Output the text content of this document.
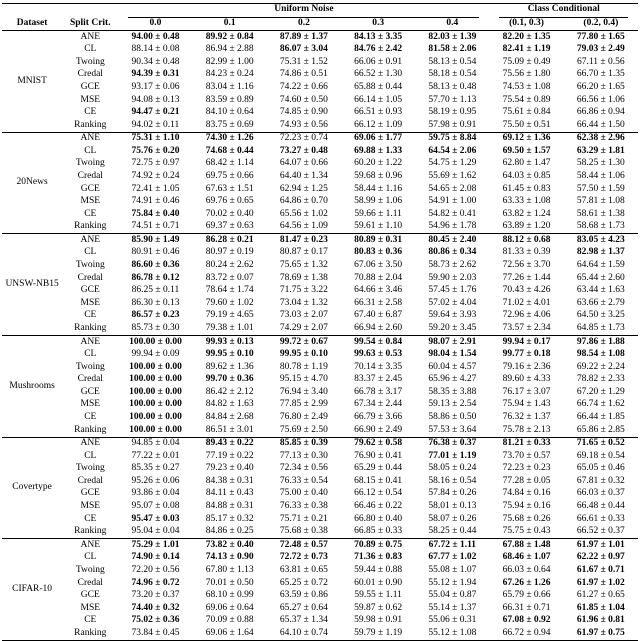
Dataset	Split Crit.	Uniform Noise					Class Conditional	

		0.0	0.1	0.2	0.3	0.4	(0.1, 0.3)	(0.2, 0.4)
MNIST	ANE	94.00 ± 0.48	89.92 ± 0.84	87.89 ± 1.37	84.13 ± 3.35	82.03 ± 1.39	82.20 ± 1.35	77.80 ± 1.65
	CL	88.14 ± 0.08	86.94 ± 2.88	86.07 ± 3.04	84.76 ± 2.42	81.58 ± 2.06	82.41 ± 1.19	79.03 ± 2.49
	Twoing	90.34 ± 0.48	82.99 ± 1.00	75.31 ± 1.52	66.06 ± 0.91	58.13 ± 0.54	75.09 ± 0.49	67.11 ± 0.56
	Credal	94.39 ± 0.31	84.23 ± 0.24	74.86 ± 0.51	66.52 ± 1.30	58.18 ± 0.54	75.56 ± 1.80	66.70 ± 1.35
	GCE	93.17 ± 0.06	83.04 ± 1.16	74.22 ± 0.66	65.88 ± 0.44	58.13 ± 0.48	74.53 ± 1.08	66.20 ± 1.65
	MSE	94.08 ± 0.13	83.59 ± 0.89	74.60 ± 0.50	66.14 ± 1.05	57.70 ± 1.13	75.54 ± 0.89	66.56 ± 1.06
	CE	94.47 ± 0.21	84.10 ± 0.64	74.85 ± 0.90	66.51 ± 0.93	58.19 ± 0.95	75.61 ± 0.84	66.86 ± 0.94
	Ranking	94.02 ± 0.11	83.75 ± 0.69	74.93 ± 0.56	66.12 ± 1.09	57.98 ± 0.91	75.50 ± 0.51	66.44 ± 1.50
20News	ANE	75.31 ± 1.10	74.30 ± 1.26	72.23 ± 0.74	69.06 ± 1.77	59.75 ± 8.84	69.12 ± 1.36	62.38 ± 2.96
	CL	75.76 ± 0.20	74.68 ± 0.44	73.27 ± 0.48	69.88 ± 1.33	64.54 ± 2.06	69.50 ± 1.57	63.29 ± 1.81
	Twoing	72.75 ± 0.97	68.42 ± 1.14	64.07 ± 0.66	60.20 ± 1.22	54.75 ± 1.29	62.80 ± 1.47	58.25 ± 1.30
	Credal	74.92 ± 0.24	69.75 ± 0.66	64.40 ± 1.34	59.68 ± 0.96	55.69 ± 1.62	64.03 ± 0.85	58.44 ± 1.06
	GCE	72.41 ± 1.05	67.63 ± 1.51	62.94 ± 1.25	58.44 ± 1.16	54.65 ± 2.08	61.45 ± 0.83	57.50 ± 1.59
	MSE	74.91 ± 0.46	69.76 ± 0.65	64.86 ± 0.70	58.99 ± 1.06	54.91 ± 1.00	63.33 ± 1.08	57.81 ± 1.08
	CE	75.84 ± 0.40	70.02 ± 0.40	65.56 ± 1.02	59.66 ± 1.11	54.82 ± 0.41	63.82 ± 1.24	58.61 ± 1.38
	Ranking	74.51 ± 0.71	69.37 ± 0.63	64.56 ± 1.09	59.61 ± 1.10	54.96 ± 1.78	63.89 ± 1.20	58.68 ± 1.73
UNSW-NB15	ANE	85.90 ± 1.49	86.28 ± 0.21	81.47 ± 0.23	80.89 ± 0.31	80.45 ± 2.40	88.12 ± 0.68	83.05 ± 4.23
	CL	80.91 ± 0.46	80.97 ± 0.19	80.87 ± 0.17	80.83 ± 0.36	80.86 ± 0.34	81.33 ± 0.39	82.98 ± 1.37
	Twoing	86.60 ± 0.36	80.24 ± 2.62	75.65 ± 1.32	67.06 ± 3.50	58.73 ± 2.62	72.56 ± 3.70	64.64 ± 1.59
	Credal	86.78 ± 0.12	83.72 ± 0.07	78.69 ± 1.38	70.88 ± 2.04	59.90 ± 2.03	77.26 ± 1.44	65.44 ± 2.60
	GCE	86.25 ± 0.11	78.64 ± 1.74	71.75 ± 3.22	64.66 ± 3.46	57.45 ± 1.76	70.43 ± 4.26	63.44 ± 1.63
	MSE	86.30 ± 0.13	79.60 ± 1.02	73.04 ± 1.32	66.31 ± 2.58	57.02 ± 4.04	71.02 ± 4.01	63.66 ± 2.79
	CE	86.57 ± 0.23	79.19 ± 4.65	73.03 ± 2.07	67.40 ± 6.87	59.64 ± 3.93	72.96 ± 4.06	64.50 ± 3.25
	Ranking	85.73 ± 0.30	79.38 ± 1.01	74.29 ± 2.07	66.94 ± 2.60	59.20 ± 3.45	73.57 ± 2.34	64.85 ± 1.73
Mushrooms	ANE	100.00 ± 0.00	99.93 ± 0.13	99.72 ± 0.67	99.54 ± 0.84	98.07 ± 2.91	99.94 ± 0.17	97.86 ± 1.88
	CL	99.94 ± 0.09	99.95 ± 0.10	99.95 ± 0.10	99.63 ± 0.53	98.04 ± 1.54	99.77 ± 0.18	98.54 ± 1.08
	Twoing	100.00 ± 0.00	89.62 ± 1.36	80.78 ± 1.19	70.14 ± 3.35	60.04 ± 4.57	79.16 ± 2.36	69.22 ± 2.24
	Credal	100.00 ± 0.00	99.70 ± 0.36	95.15 ± 4.70	83.37 ± 2.45	65.96 ± 4.27	89.60 ± 4.33	78.82 ± 2.33
	GCE	100.00 ± 0.00	86.42 ± 2.12	76.94 ± 3.40	66.78 ± 3.17	58.35 ± 3.88	76.17 ± 3.07	67.20 ± 1.29
	MSE	100.00 ± 0.00	84.82 ± 1.63	77.85 ± 2.99	67.34 ± 2.44	59.13 ± 2.54	75.94 ± 1.43	66.74 ± 1.62
	CE	100.00 ± 0.00	84.84 ± 2.68	76.80 ± 2.49	66.79 ± 3.66	58.86 ± 0.50	76.32 ± 1.37	66.44 ± 1.85
	Ranking	100.00 ± 0.00	86.51 ± 3.01	75.69 ± 2.50	66.90 ± 2.49	57.53 ± 3.64	75.78 ± 2.13	65.86 ± 2.85
Covertype	ANE	94.85 ± 0.04	89.43 ± 0.22	85.85 ± 0.39	79.62 ± 0.58	76.38 ± 0.37	81.21 ± 0.33	71.65 ± 0.52
	CL	77.22 ± 0.01	77.19 ± 0.22	77.13 ± 0.30	76.90 ± 0.41	77.01 ± 1.19	73.70 ± 0.57	69.18 ± 0.54
	Twoing	85.35 ± 0.27	79.23 ± 0.40	72.34 ± 0.56	65.29 ± 0.44	58.05 ± 0.24	72.23 ± 0.23	65.05 ± 0.46
	Credal	95.26 ± 0.06	84.38 ± 0.31	76.33 ± 0.54	68.15 ± 0.41	58.16 ± 0.54	77.28 ± 0.05	67.81 ± 0.32
	GCE	93.86 ± 0.04	84.11 ± 0.43	75.00 ± 0.40	66.12 ± 0.54	57.84 ± 0.26	74.84 ± 0.16	66.03 ± 0.37
	MSE	95.07 ± 0.08	84.88 ± 0.31	76.33 ± 0.38	66.46 ± 0.22	58.01 ± 0.13	75.94 ± 0.16	66.48 ± 0.44
	CE	95.47 ± 0.03	85.17 ± 0.32	75.71 ± 0.21	66.80 ± 0.40	58.07 ± 0.26	75.68 ± 0.26	66.61 ± 0.33
	Ranking	95.04 ± 0.04	84.86 ± 0.25	75.68 ± 0.38	66.85 ± 0.33	58.25 ± 0.44	75.75 ± 0.43	66.52 ± 0.37
CIFAR-10	ANE	75.29 ± 1.01	73.82 ± 0.40	72.48 ± 0.57	70.89 ± 0.75	67.72 ± 1.11	67.88 ± 1.48	61.97 ± 1.01
	CL	74.90 ± 0.14	74.13 ± 0.90	72.72 ± 0.73	71.36 ± 0.83	67.77 ± 1.02	68.46 ± 1.07	62.22 ± 0.97
	Twoing	72.20 ± 0.56	67.80 ± 1.13	63.81 ± 0.65	59.44 ± 0.88	55.08 ± 1.07	66.03 ± 0.64	61.67 ± 0.71
	Credal	74.96 ± 0.72	70.01 ± 0.50	65.25 ± 0.72	60.01 ± 0.90	55.12 ± 1.94	67.26 ± 1.26	61.97 ± 1.02
	GCE	73.20 ± 0.37	68.10 ± 0.99	63.59 ± 0.86	59.55 ± 1.11	55.04 ± 0.87	65.79 ± 0.66	61.27 ± 0.65
	MSE	74.40 ± 0.32	69.06 ± 0.64	65.27 ± 0.64	59.87 ± 0.62	55.14 ± 1.37	66.31 ± 0.71	61.85 ± 1.04
	CE	75.02 ± 0.36	70.09 ± 0.88	65.37 ± 1.34	59.98 ± 0.91	55.06 ± 0.31	67.08 ± 0.92	61.96 ± 0.81
	Ranking	73.84 ± 0.45	69.06 ± 1.64	64.10 ± 0.74	59.79 ± 1.19	55.12 ± 1.08	66.72 ± 0.94	61.97 ± 0.75
